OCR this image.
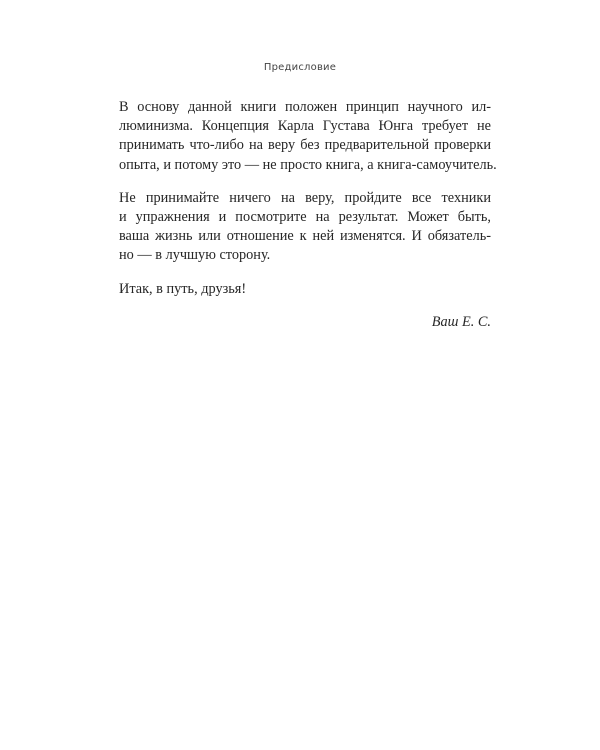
Предисловие

В основу данной книги положен принцип научного ил-
люминизма. Концепция Карла Густава Юнга требует не
принимать что-либо на веру без предварительной проверки
опыта, и потому это — не просто книга, а книга-самоучитель.

Не принимайте ничего на веру, пройдите все техники
и упражнения и посмотрите на результат. Может быть,
ваша жизнь или отношение к ней изменятся. И обязатель-
но — в лучшую сторону.

Итак, в путь, друзья!

Ваш Е. С.
